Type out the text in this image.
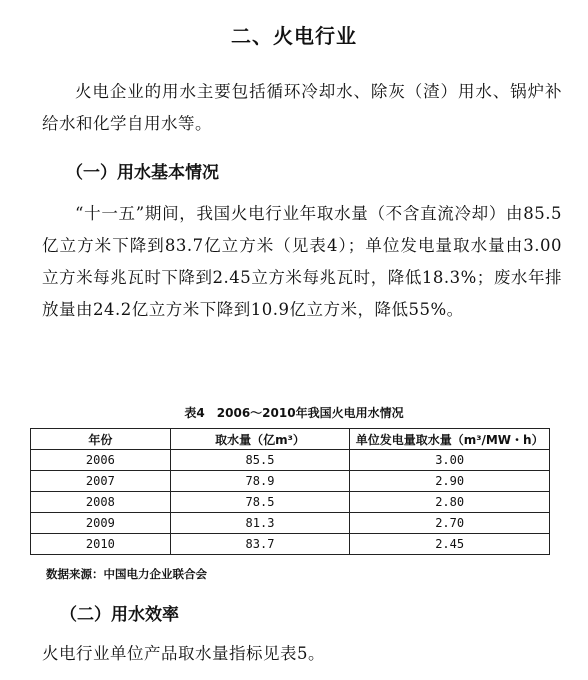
二、火电行业
火电企业的用水主要包括循环冷却水、除灰（渣）用水、锅炉补给水和化学自用水等。
（一）用水基本情况
“十一五”期间，我国火电行业年取水量（不含直流冷却）由85.5亿立方米下降到83.7亿立方米（见表4）；单位发电量取水量由3.00 立方米每兆瓦时下降到2.45立方米每兆瓦时，降低18.3%；废水年排放量由24.2亿立方米下降到10.9亿立方米，降低55%。
表4　2006～2010年我国火电用水情况
年份	取水量（亿m³）	单位发电量取水量（m³/MW・h）
2006	85.5	3.00
2007	78.9	2.90
2008	78.5	2.80
2009	81.3	2.70
2010	83.7	2.45
数据来源：中国电力企业联合会
（二）用水效率
火电行业单位产品取水量指标见表5。
